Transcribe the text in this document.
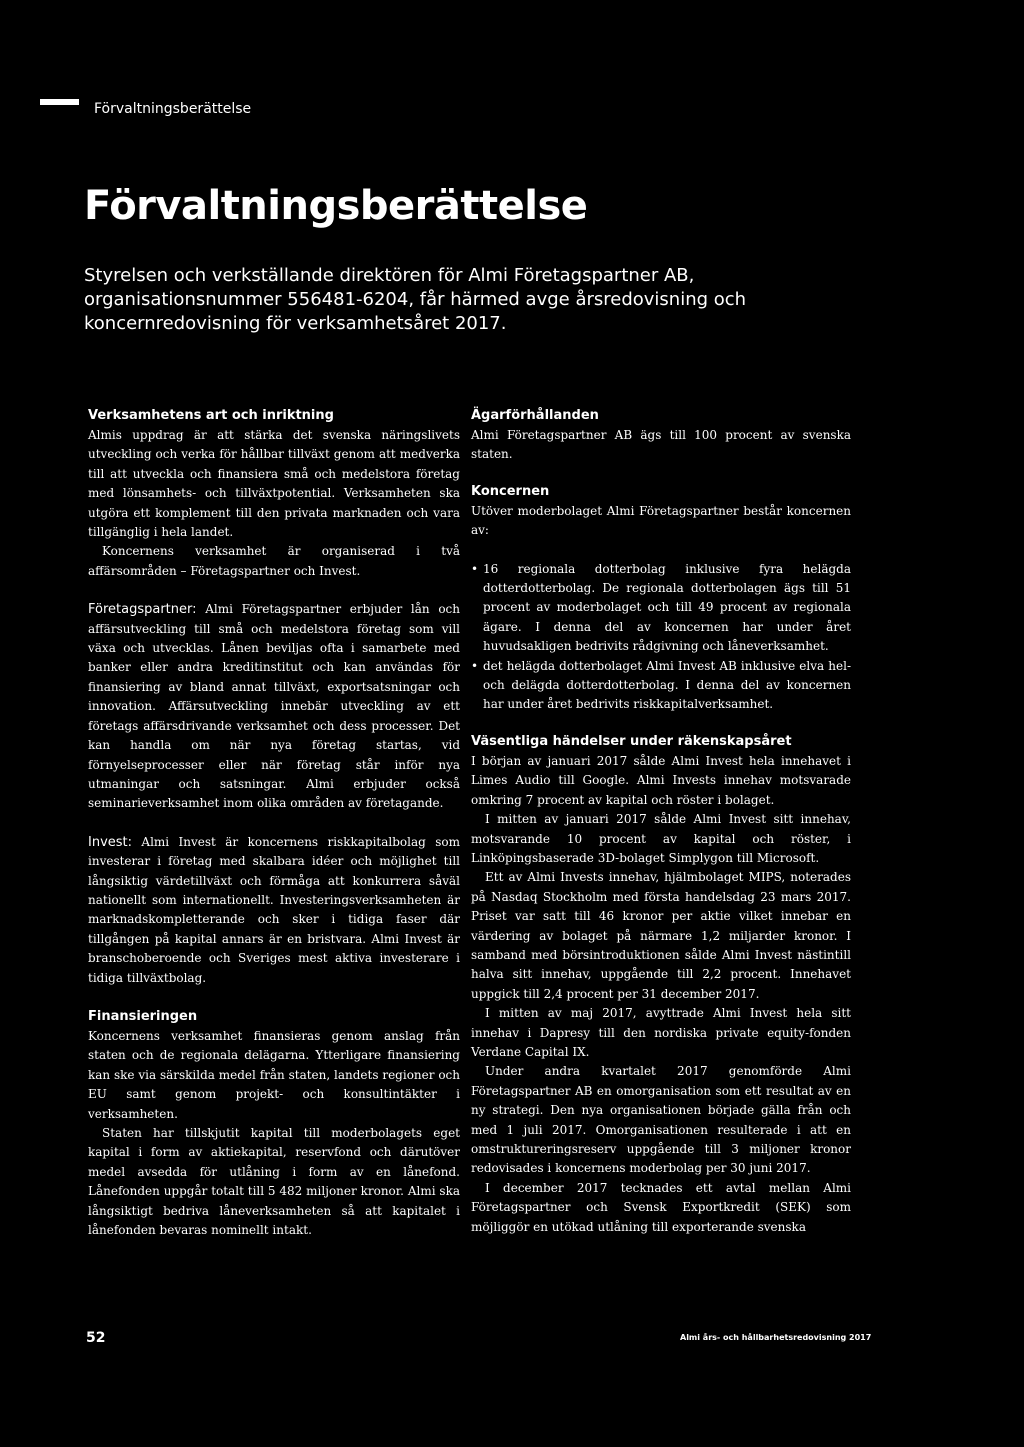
Förvaltningsberättelse
Förvaltningsberättelse

Styrelsen och verkställande direktören för Almi Företagspartner AB, organisationsnummer 556481-6204, får härmed avge årsredovisning och koncernredovisning för verksamhetsåret 2017.

Verksamhetens art och inriktning

Almis uppdrag är att stärka det svenska näringslivets utveckling och verka för hållbar tillväxt genom att medverka till att utveckla och finansiera små och medelstora företag med lönsamhets- och tillväxtpotential. Verksamheten ska utgöra ett komplement till den privata marknaden och vara tillgänglig i hela landet.

Koncernens verksamhet är organiserad i två affärsområden – Företagspartner och Invest.

Företagspartner: Almi Företagspartner erbjuder lån och affärsutveckling till små och medelstora företag som vill växa och utvecklas. Lånen beviljas ofta i samarbete med banker eller andra kreditinstitut och kan användas för finansiering av bland annat tillväxt, exportsatsningar och innovation. Affärsutveckling innebär utveckling av ett företags affärsdrivande verksamhet och dess processer. Det kan handla om när nya företag startas, vid förnyelseprocesser eller när företag står inför nya utmaningar och satsningar. Almi erbjuder också seminarieverksamhet inom olika områden av företagande.

Invest: Almi Invest är koncernens riskkapitalbolag som investerar i företag med skalbara idéer och möjlighet till långsiktig värdetillväxt och förmåga att konkurrera såväl nationellt som internationellt. Investeringsverksamheten är marknadskompletterande och sker i tidiga faser där tillgången på kapital annars är en bristvara. Almi Invest är branschoberoende och Sveriges mest aktiva investerare i tidiga tillväxtbolag.

Finansieringen

Koncernens verksamhet finansieras genom anslag från staten och de regionala delägarna. Ytterligare finansiering kan ske via särskilda medel från staten, landets regioner och EU samt genom projekt- och konsultintäkter i verksamheten.

Staten har tillskjutit kapital till moderbolagets eget kapital i form av aktiekapital, reservfond och därutöver medel avsedda för utlåning i form av en lånefond. Lånefonden uppgår totalt till 5 482 miljoner kronor. Almi ska långsiktigt bedriva låneverksamheten så att kapitalet i lånefonden bevaras nominellt intakt.

Ägarförhållanden

Almi Företagspartner AB ägs till 100 procent av svenska staten.

Koncernen

Utöver moderbolaget Almi Företagspartner består koncernen av:

• 16 regionala dotterbolag inklusive fyra helägda dotterdotterbolag. De regionala dotterbolagen ägs till 51 procent av moderbolaget och till 49 procent av regionala ägare. I denna del av koncernen har under året huvudsakligen bedrivits rådgivning och låneverksamhet.
• det helägda dotterbolaget Almi Invest AB inklusive elva hel- och delägda dotterdotterbolag. I denna del av koncernen har under året bedrivits riskkapitalverksamhet.
Väsentliga händelser under räkenskapsåret

I början av januari 2017 sålde Almi Invest hela innehavet i Limes Audio till Google. Almi Invests innehav motsvarade omkring 7 procent av kapital och röster i bolaget.

I mitten av januari 2017 sålde Almi Invest sitt innehav, motsvarande 10 procent av kapital och röster, i Linköpingsbaserade 3D-bolaget Simplygon till Microsoft.

Ett av Almi Invests innehav, hjälmbolaget MIPS, noterades på Nasdaq Stockholm med första handelsdag 23 mars 2017. Priset var satt till 46 kronor per aktie vilket innebar en värdering av bolaget på närmare 1,2 miljarder kronor. I samband med börsintroduktionen sålde Almi Invest nästintill halva sitt innehav, uppgående till 2,2 procent. Innehavet uppgick till 2,4 procent per 31 december 2017.

I mitten av maj 2017, avyttrade Almi Invest hela sitt innehav i Dapresy till den nordiska private equity-fonden Verdane Capital IX.

Under andra kvartalet 2017 genomförde Almi Företagspartner AB en omorganisation som ett resultat av en ny strategi. Den nya organisationen började gälla från och med 1 juli 2017. Omorganisationen resulterade i att en omstruktureringsreserv uppgående till 3 miljoner kronor redovisades i koncernens moderbolag per 30 juni 2017.

I december 2017 tecknades ett avtal mellan Almi Företagspartner och Svensk Exportkredit (SEK) som möjliggör en utökad utlåning till exporterande svenska

52	Almi års- och hållbarhetsredovisning 2017
